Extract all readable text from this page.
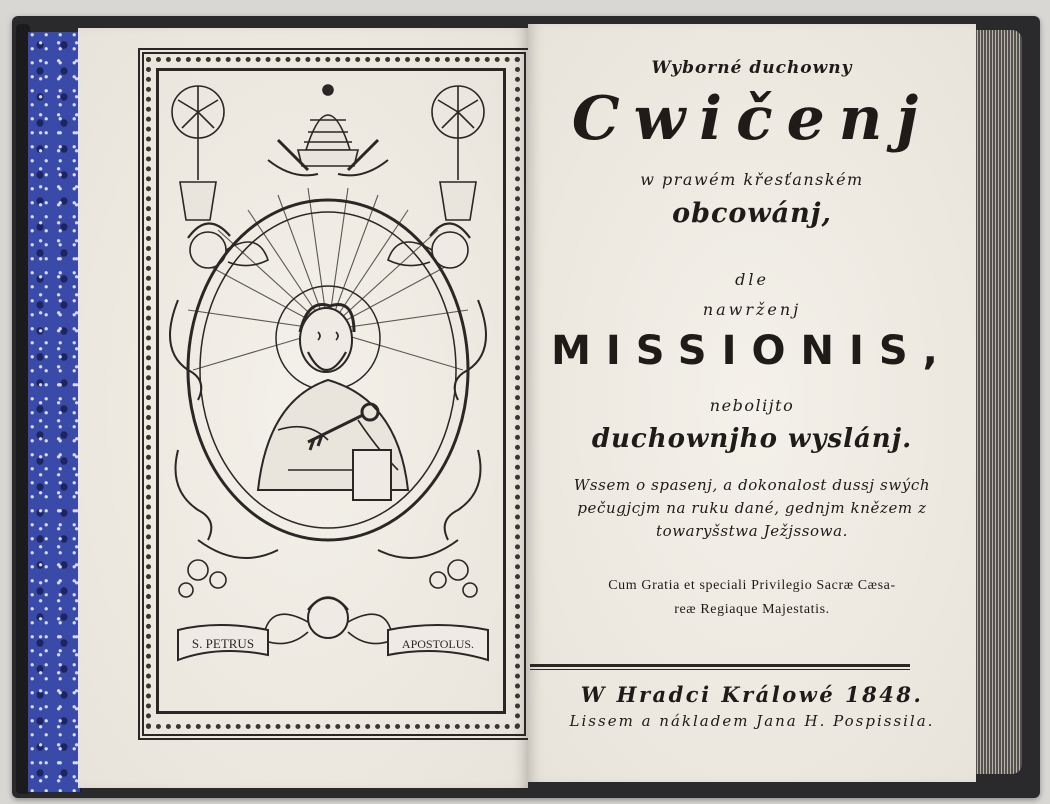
S. PETRUS	APOSTOLUS.
Wyborné duchowny
Cwičenj
w prawém křesťanském
obcowánj,
dle
nawrženj
MISSIONIS,
nebolijto
duchownjho wyslánj.
Wssem o spasenj, a dokonalost dussj swých
pečugjcjm na ruku dané, gednjm knězem z
towaryšstwa Ježjssowa.
Cum Gratia et speciali Privilegio Sacræ Cæsa-
reæ Regiaque Majestatis.
W Hradci Králowé 1848.
Lissem a nákladem Jana H. Pospissila.
